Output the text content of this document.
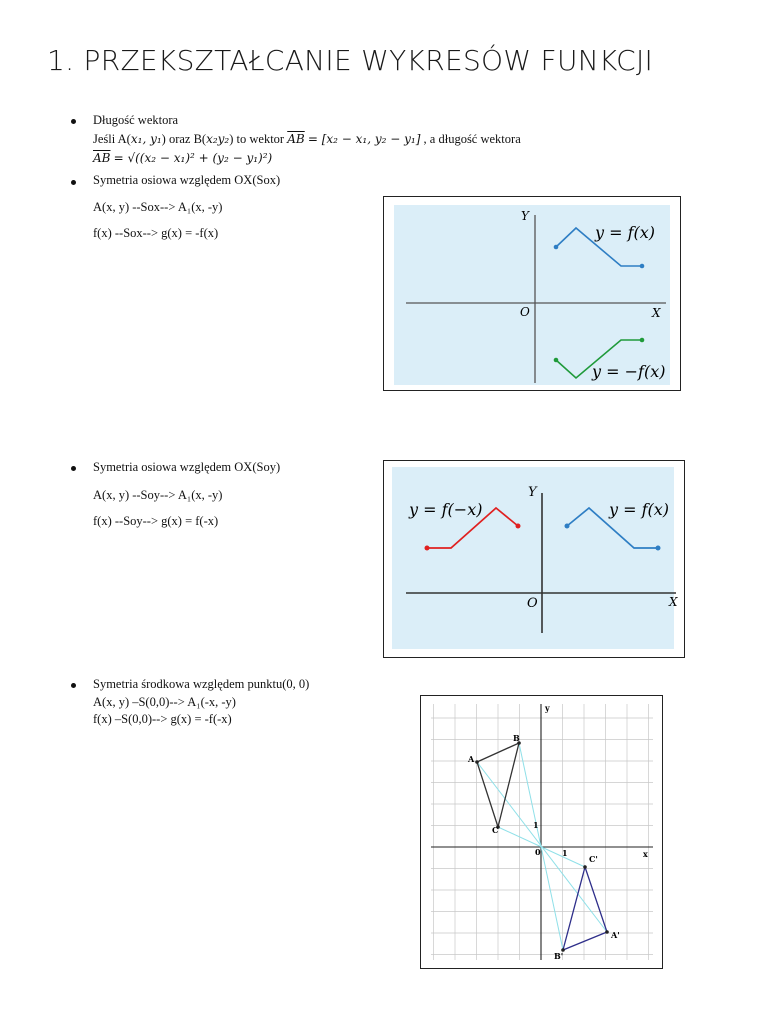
1. PRZEKSZTAŁCANIE WYKRESÓW FUNKCJI
Długość wektora
Jeśli A(x₁, y₁) oraz B(x₂y₂) to wektor $\overline{AB} = [x_2 - x_1$, y₂ − y₁] , a długość wektora
$\overline{AB} = √((x_2 - x_1)^2 + (y_2 - y_1)^2)$
Symetria osiowa względem OX(Sox)
A(x, y) --Sox--> A₁(x, -y)
f(x) --Sox--> g(x) = -f(x)
Y
X
O
y = f(x)
y = −f(x)
Symetria osiowa względem OX(Soy)
A(x, y) --Soy--> A₁(x, -y)
f(x) --Soy--> g(x) = f(-x)
Y
X
O
y = f(−x)	y = f(x)
Symetria środkowa względem punktu(0, 0)
A(x, y) –S(0,0)--> A₁(-x, -y)
f(x) –S(0,0)--> g(x) = -f(-x)
A
B
C
A'
B'
C'	x
y
0	1
1
